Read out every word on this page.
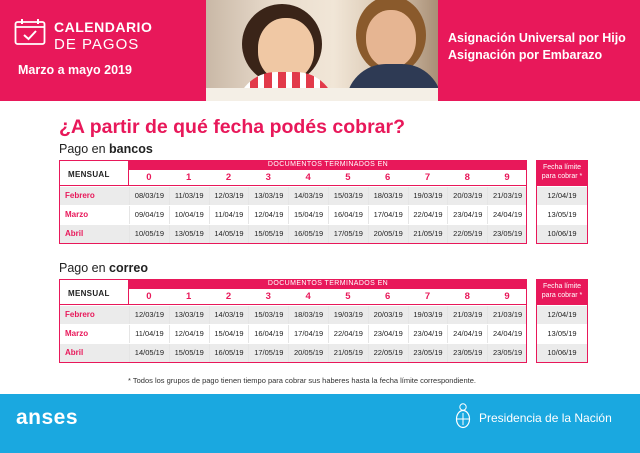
CALENDARIO
DE PAGOS
Marzo a mayo 2019
Asignación Universal por Hijo
Asignación por Embarazo
¿A partir de qué fecha podés cobrar?
Pago en bancos
MENSUAL
DOCUMENTOS TERMINADOS EN
0	1	2	3	4	5	6	7	8	9
Febrero	08/03/19	11/03/19	12/03/19	13/03/19	14/03/19	15/03/19	18/03/19	19/03/19	20/03/19	21/03/19
Marzo	09/04/19	10/04/19	11/04/19	12/04/19	15/04/19	16/04/19	17/04/19	22/04/19	23/04/19	24/04/19
Abril	10/05/19	13/05/19	14/05/19	15/05/19	16/05/19	17/05/19	20/05/19	21/05/19	22/05/19	23/05/19
Fecha límite para cobrar *
12/04/19
13/05/19
10/06/19
Pago en correo
MENSUAL
DOCUMENTOS TERMINADOS EN
0	1	2	3	4	5	6	7	8	9
Febrero	12/03/19	13/03/19	14/03/19	15/03/19	18/03/19	19/03/19	20/03/19	19/03/19	21/03/19	21/03/19
Marzo	11/04/19	12/04/19	15/04/19	16/04/19	17/04/19	22/04/19	23/04/19	23/04/19	24/04/19	24/04/19
Abril	14/05/19	15/05/19	16/05/19	17/05/19	20/05/19	21/05/19	22/05/19	23/05/19	23/05/19	23/05/19
Fecha límite para cobrar *
12/04/19
13/05/19
10/06/19
* Todos los grupos de pago tienen tiempo para cobrar sus haberes hasta la fecha límite correspondiente.
anses	Presidencia de la Nación
